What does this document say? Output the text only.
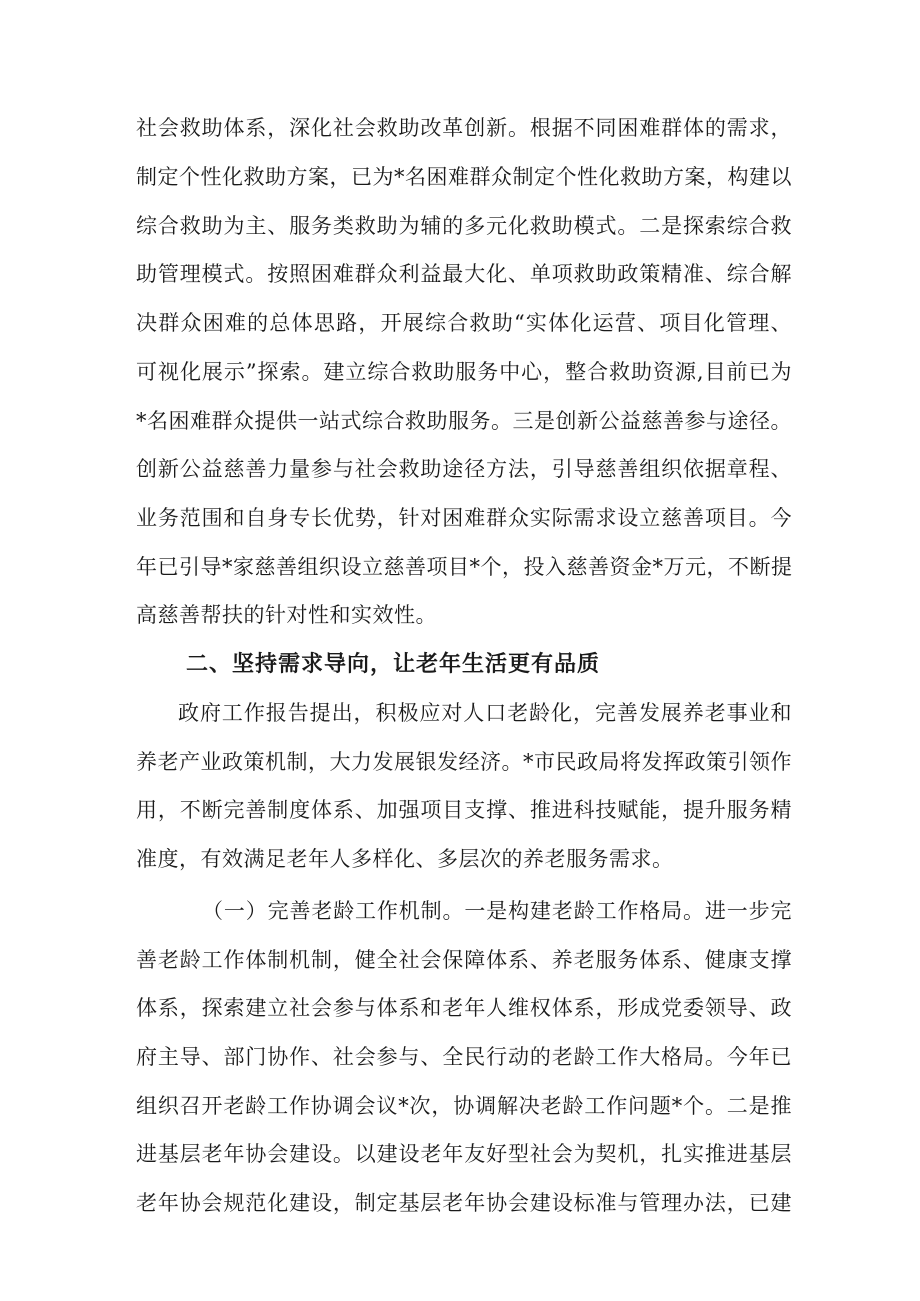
社会救助体系，深化社会救助改革创新。根据不同困难群体的需求，
制定个性化救助方案，已为*名困难群众制定个性化救助方案，构建以
综合救助为主、服务类救助为辅的多元化救助模式。二是探索综合救
助管理模式。按照困难群众利益最大化、单项救助政策精准、综合解
决群众困难的总体思路，开展综合救助“实体化运营、项目化管理、
可视化展示”探索。建立综合救助服务中心，整合救助资源,目前已为
*名困难群众提供一站式综合救助服务。三是创新公益慈善参与途径。
创新公益慈善力量参与社会救助途径方法，引导慈善组织依据章程、
业务范围和自身专长优势，针对困难群众实际需求设立慈善项目。今
年已引导*家慈善组织设立慈善项目*个，投入慈善资金*万元，不断提
高慈善帮扶的针对性和实效性。
二、坚持需求导向，让老年生活更有品质
政府工作报告提出，积极应对人口老龄化，完善发展养老事业和
养老产业政策机制，大力发展银发经济。*市民政局将发挥政策引领作
用，不断完善制度体系、加强项目支撑、推进科技赋能，提升服务精
准度，有效满足老年人多样化、多层次的养老服务需求。
（一）完善老龄工作机制。一是构建老龄工作格局。进一步完
善老龄工作体制机制，健全社会保障体系、养老服务体系、健康支撑
体系，探索建立社会参与体系和老年人维权体系，形成党委领导、政
府主导、部门协作、社会参与、全民行动的老龄工作大格局。今年已
组织召开老龄工作协调会议*次，协调解决老龄工作问题*个。二是推
进基层老年协会建设。以建设老年友好型社会为契机，扎实推进基层
老年协会规范化建设，制定基层老年协会建设标准与管理办法，已建
